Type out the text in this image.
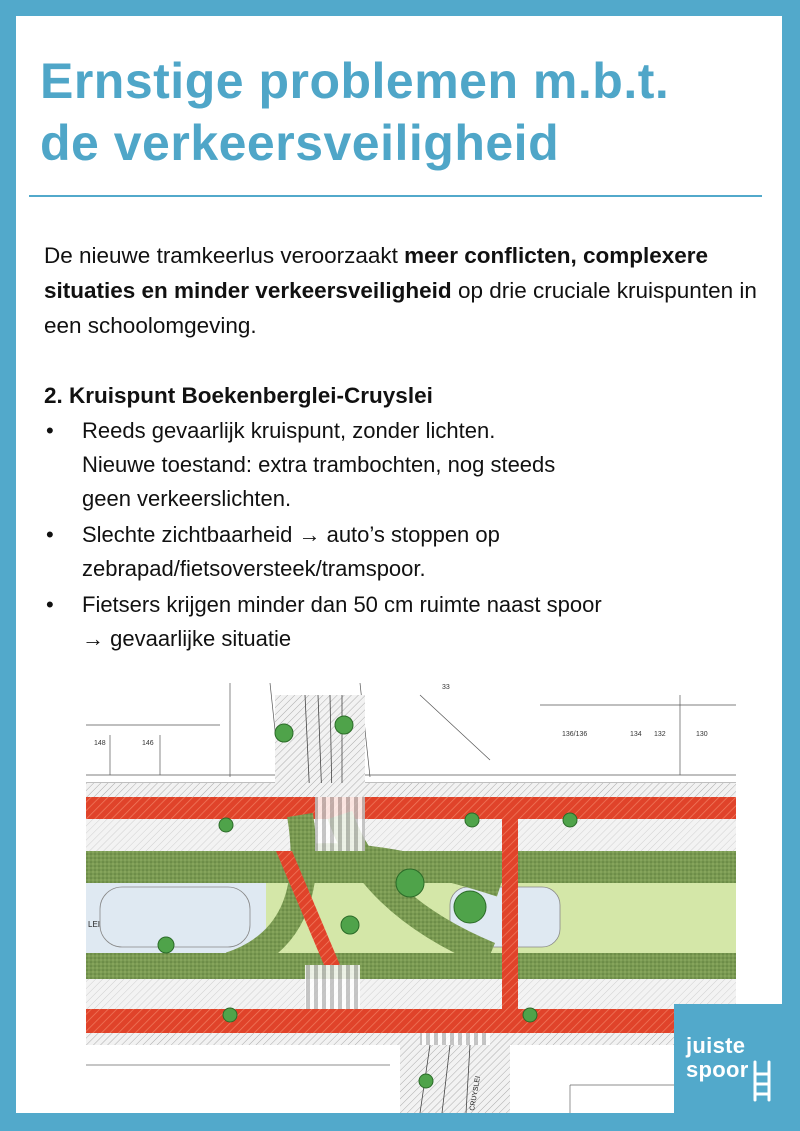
Ernstige problemen m.b.t.
de verkeersveiligheid

De nieuwe tramkeerlus veroorzaakt meer conflicten, complexere situaties en minder verkeersveiligheid op drie cruciale kruispunten in een schoolomgeving.

2. Kruispunt Boekenberglei-Cruyslei
• Reeds gevaarlijk kruispunt, zonder lichten.
Nieuwe toestand: extra trambochten, nog steeds
geen verkeerslichten.
• Slechte zichtbaarheid → auto’s stoppen op
zebrapad/fietsoversteek/tramspoor.
• Fietsers krijgen minder dan 50 cm ruimte naast spoor
→ gevaarlijke situatie
148	146
136/136	134 132	130
33
CRUYSLEI
LEI
juiste
spoor
